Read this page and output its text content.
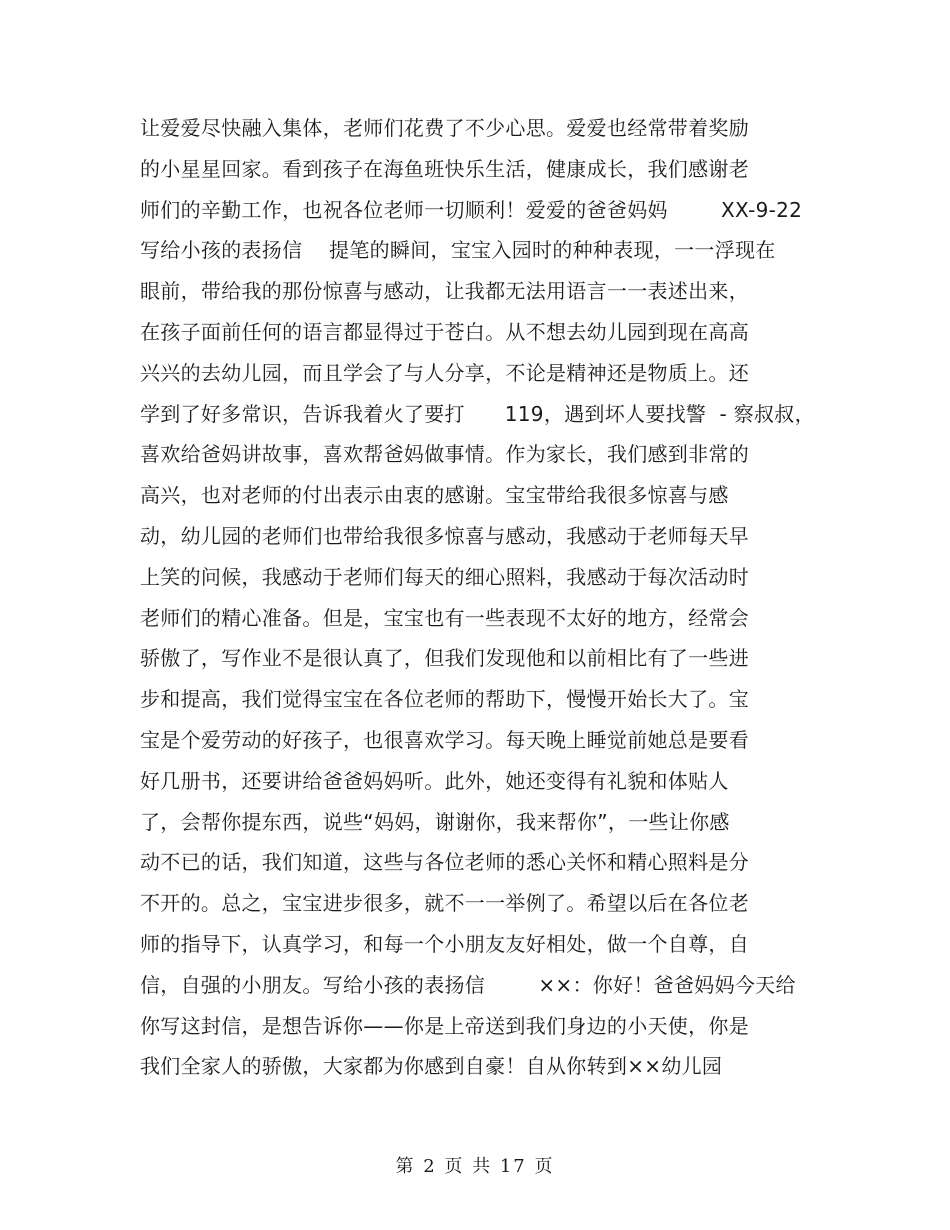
让爱爱尽快融入集体，老师们花费了不少心思。爱爱也经常带着奖励
的小星星回家。看到孩子在海鱼班快乐生活，健康成长，我们感谢老
师们的辛勤工作，也祝各位老师一切顺利！爱爱的爸爸妈妈        XX-9-22
写给小孩的表扬信    提笔的瞬间，宝宝入园时的种种表现，一一浮现在
眼前，带给我的那份惊喜与感动，让我都无法用语言一一表述出来，
在孩子面前任何的语言都显得过于苍白。从不想去幼儿园到现在高高
兴兴的去幼儿园，而且学会了与人分享，不论是精神还是物质上。还
学到了好多常识，告诉我着火了要打      119，遇到坏人要找警  - 察叔叔，
喜欢给爸妈讲故事，喜欢帮爸妈做事情。作为家长，我们感到非常的
高兴，也对老师的付出表示由衷的感谢。宝宝带给我很多惊喜与感
动，幼儿园的老师们也带给我很多惊喜与感动，我感动于老师每天早
上笑的问候，我感动于老师们每天的细心照料，我感动于每次活动时
老师们的精心准备。但是，宝宝也有一些表现不太好的地方，经常会
骄傲了，写作业不是很认真了，但我们发现他和以前相比有了一些进
步和提高，我们觉得宝宝在各位老师的帮助下，慢慢开始长大了。宝
宝是个爱劳动的好孩子，也很喜欢学习。每天晚上睡觉前她总是要看
好几册书，还要讲给爸爸妈妈听。此外，她还变得有礼貌和体贴人
了，会帮你提东西，说些“妈妈，谢谢你，我来帮你”，一些让你感
动不已的话，我们知道，这些与各位老师的悉心关怀和精心照料是分
不开的。总之，宝宝进步很多，就不一一举例了。希望以后在各位老
师的指导下，认真学习，和每一个小朋友友好相处，做一个自尊，自
信，自强的小朋友。写给小孩的表扬信        ××：你好！爸爸妈妈今天给
你写这封信，是想告诉你——你是上帝送到我们身边的小天使，你是
我们全家人的骄傲，大家都为你感到自豪！自从你转到××幼儿园
第 2 页 共 17 页
